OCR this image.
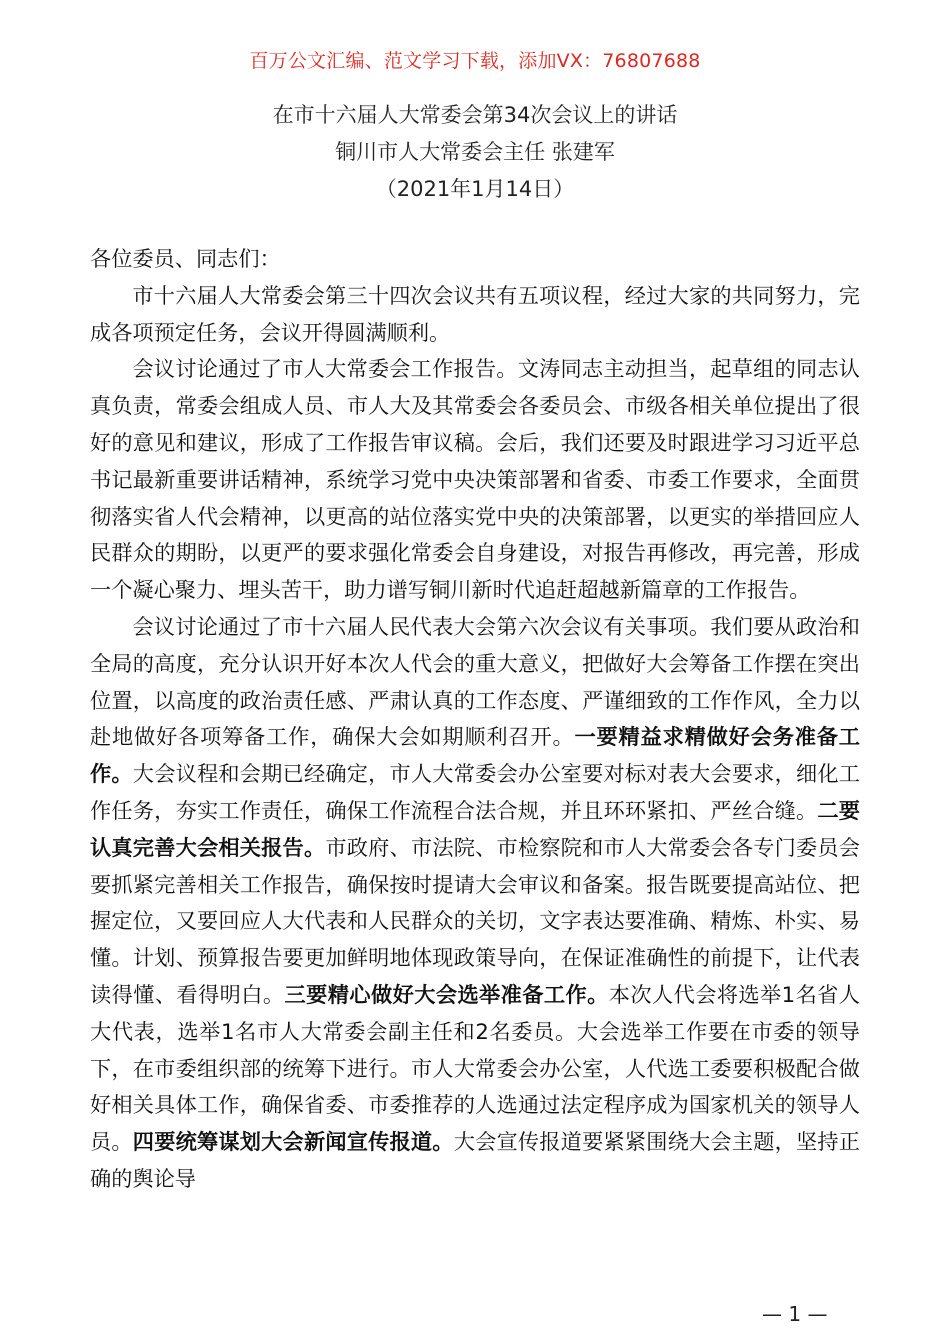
百万公文汇编、范文学习下载，添加VX：76807688
在市十六届人大常委会第34次会议上的讲话
铜川市人大常委会主任 张建军
（2021年1月14日）

各位委员、同志们：

市十六届人大常委会第三十四次会议共有五项议程，经过大家的共同努力，完成各项预定任务，会议开得圆满顺利。

会议讨论通过了市人大常委会工作报告。文涛同志主动担当，起草组的同志认真负责，常委会组成人员、市人大及其常委会各委员会、市级各相关单位提出了很好的意见和建议，形成了工作报告审议稿。会后，我们还要及时跟进学习习近平总书记最新重要讲话精神，系统学习党中央决策部署和省委、市委工作要求，全面贯彻落实省人代会精神，以更高的站位落实党中央的决策部署，以更实的举措回应人民群众的期盼，以更严的要求强化常委会自身建设，对报告再修改，再完善，形成一个凝心聚力、埋头苦干，助力谱写铜川新时代追赶超越新篇章的工作报告。

会议讨论通过了市十六届人民代表大会第六次会议有关事项。我们要从政治和全局的高度，充分认识开好本次人代会的重大意义，把做好大会筹备工作摆在突出位置，以高度的政治责任感、严肃认真的工作态度、严谨细致的工作作风，全力以赴地做好各项筹备工作，确保大会如期顺利召开。一要精益求精做好会务准备工作。大会议程和会期已经确定，市人大常委会办公室要对标对表大会要求，细化工作任务，夯实工作责任，确保工作流程合法合规，并且环环紧扣、严丝合缝。二要认真完善大会相关报告。市政府、市法院、市检察院和市人大常委会各专门委员会要抓紧完善相关工作报告，确保按时提请大会审议和备案。报告既要提高站位、把握定位，又要回应人大代表和人民群众的关切，文字表达要准确、精炼、朴实、易懂。计划、预算报告要更加鲜明地体现政策导向，在保证准确性的前提下，让代表读得懂、看得明白。三要精心做好大会选举准备工作。本次人代会将选举1名省人大代表，选举1名市人大常委会副主任和2名委员。大会选举工作要在市委的领导下，在市委组织部的统筹下进行。市人大常委会办公室，人代选工委要积极配合做好相关具体工作，确保省委、市委推荐的人选通过法定程序成为国家机关的领导人员。四要统筹谋划大会新闻宣传报道。大会宣传报道要紧紧围绕大会主题，坚持正确的舆论导

— 1 —
